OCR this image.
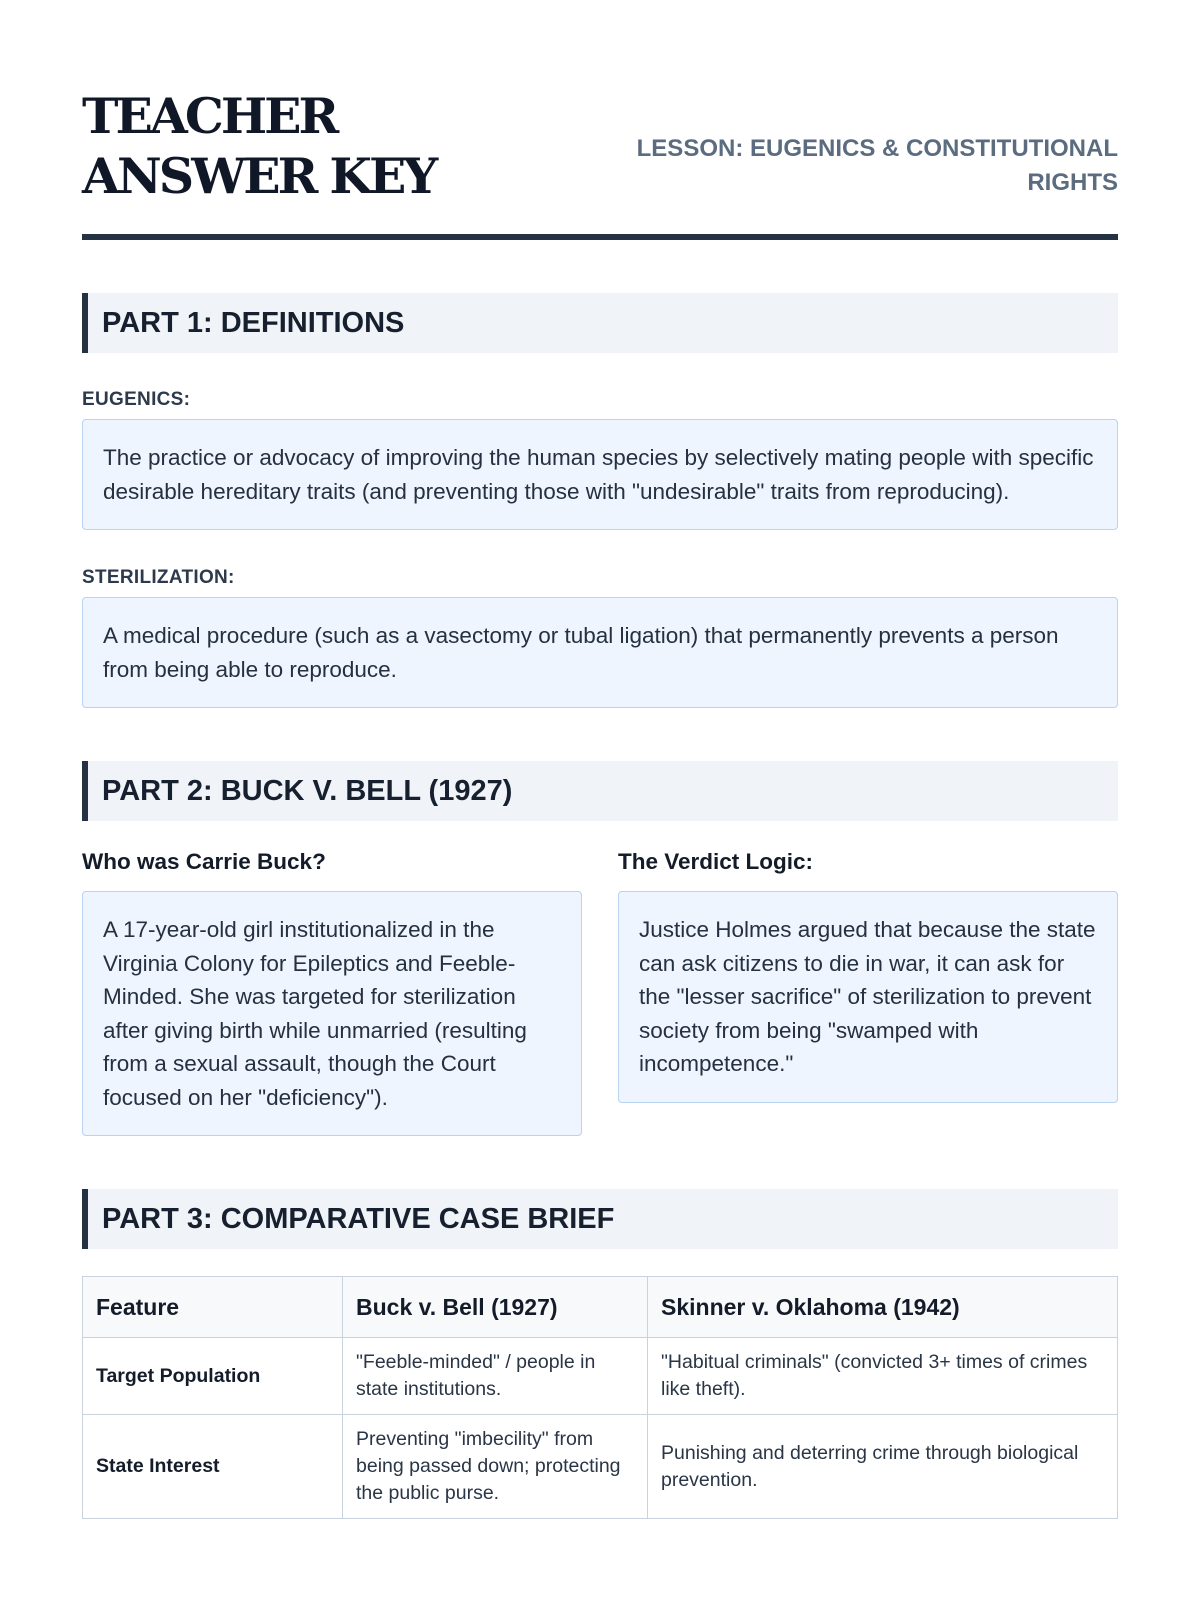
TEACHER ANSWER KEY	LESSON: EUGENICS & CONSTITUTIONAL RIGHTS
PART 1: DEFINITIONS
EUGENICS:
The practice or advocacy of improving the human species by selectively mating people with specific desirable hereditary traits (and preventing those with "undesirable" traits from reproducing).
STERILIZATION:
A medical procedure (such as a vasectomy or tubal ligation) that permanently prevents a person from being able to reproduce.
PART 2: BUCK V. BELL (1927)
Who was Carrie Buck?
A 17-year-old girl institutionalized in the Virginia Colony for Epileptics and Feeble-Minded. She was targeted for sterilization after giving birth while unmarried (resulting from a sexual assault, though the Court focused on her "deficiency").
The Verdict Logic:
Justice Holmes argued that because the state can ask citizens to die in war, it can ask for the "lesser sacrifice" of sterilization to prevent society from being "swamped with incompetence."
PART 3: COMPARATIVE CASE BRIEF
Feature	Buck v. Bell (1927)	Skinner v. Oklahoma (1942)
Target Population	"Feeble-minded" / people in state institutions.	"Habitual criminals" (convicted 3+ times of crimes like theft).
State Interest	Preventing "imbecility" from being passed down; protecting the public purse.	Punishing and deterring crime through biological prevention.
